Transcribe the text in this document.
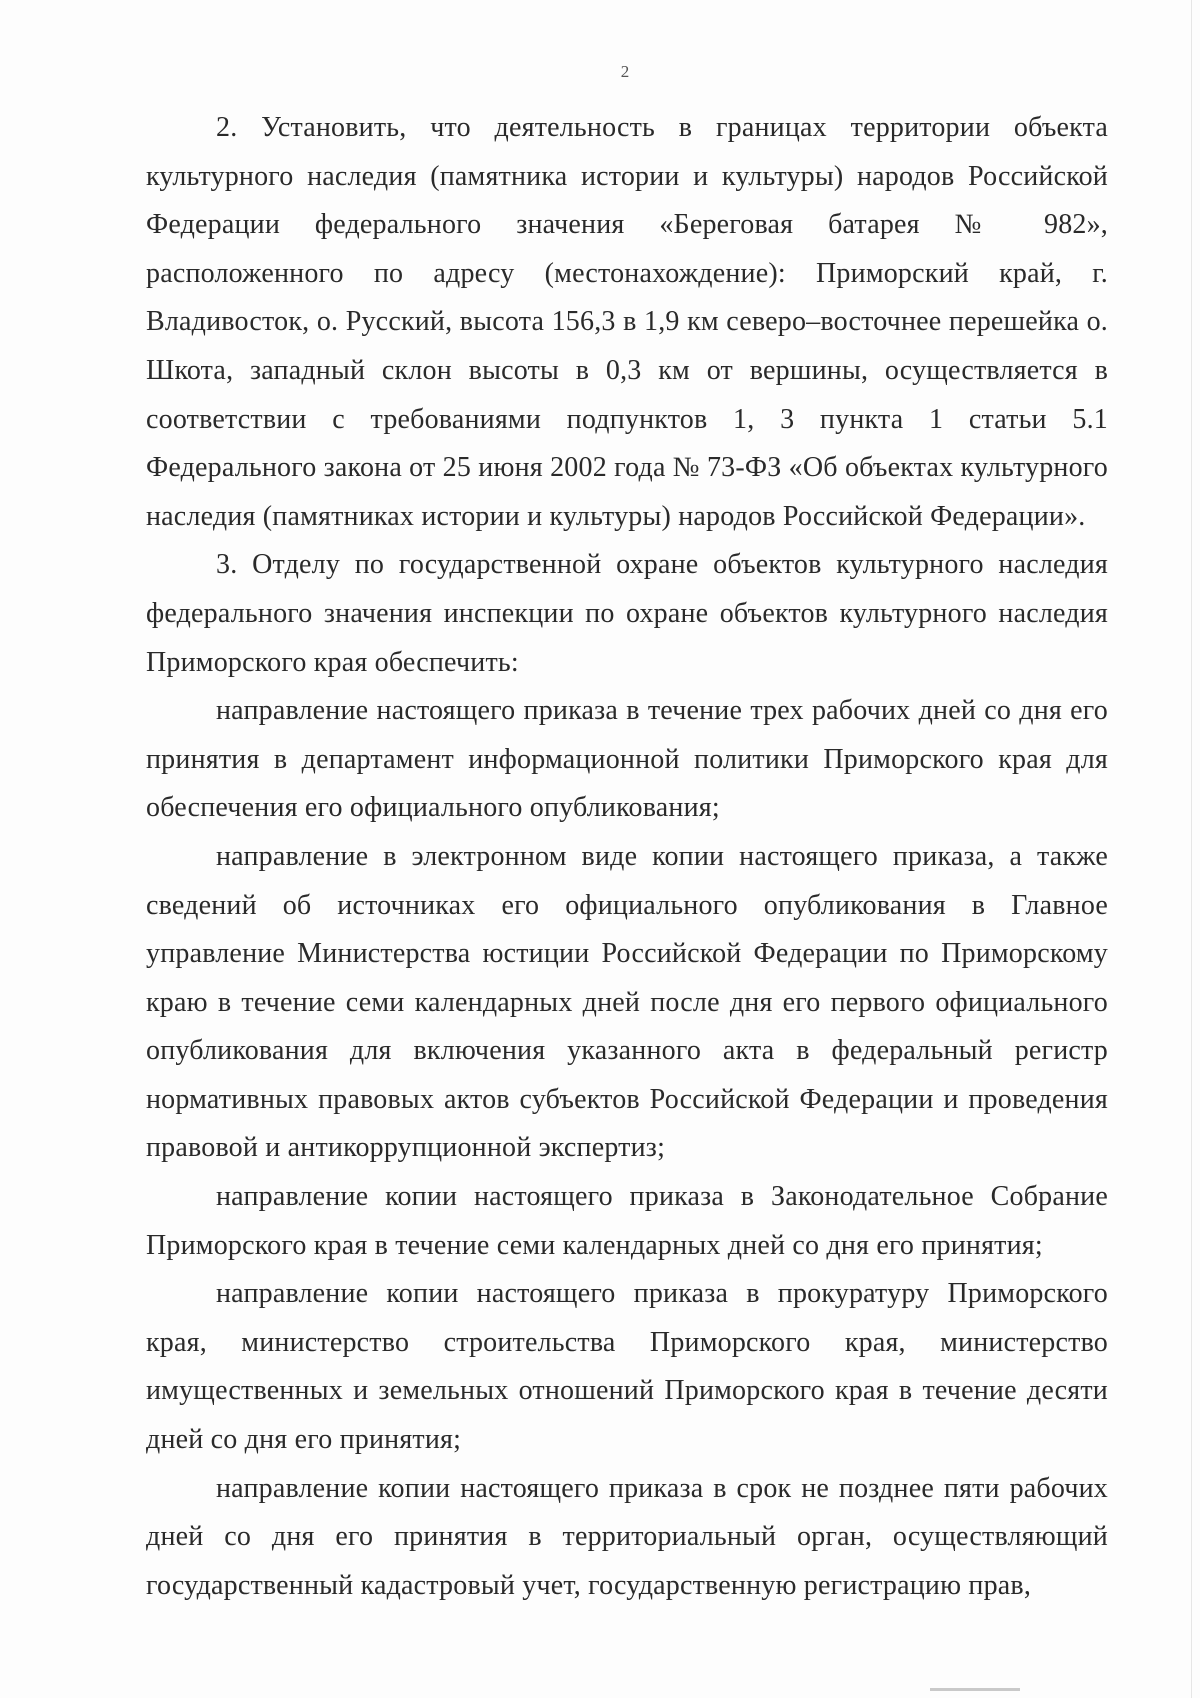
2

2. Установить, что деятельность в границах территории объекта культурного наследия (памятника истории и культуры) народов Российской Федерации федерального значения «Береговая батарея № 982», расположенного по адресу (местонахождение): Приморский край, г. Владивосток, о. Русский, высота 156,3 в 1,9 км северо–восточнее перешейка о. Шкота, западный склон высоты в 0,3 км от вершины, осуществляется в соответствии с требованиями подпунктов 1, 3 пункта 1 статьи 5.1 Федерального закона от 25 июня 2002 года № 73-ФЗ «Об объектах культурного наследия (памятниках истории и культуры) народов Российской Федерации».

3. Отделу по государственной охране объектов культурного наследия федерального значения инспекции по охране объектов культурного наследия Приморского края обеспечить:

направление настоящего приказа в течение трех рабочих дней со дня его принятия в департамент информационной политики Приморского края для обеспечения его официального опубликования;

направление в электронном виде копии настоящего приказа, а также сведений об источниках его официального опубликования в Главное управление Министерства юстиции Российской Федерации по Приморскому краю в течение семи календарных дней после дня его первого официального опубликования для включения указанного акта в федеральный регистр нормативных правовых актов субъектов Российской Федерации и проведения правовой и антикоррупционной экспертиз;

направление копии настоящего приказа в Законодательное Собрание Приморского края в течение семи календарных дней со дня его принятия;

направление копии настоящего приказа в прокуратуру Приморского края, министерство строительства Приморского края, министерство имущественных и земельных отношений Приморского края в течение десяти дней со дня его принятия;

направление копии настоящего приказа в срок не позднее пяти рабочих дней со дня его принятия в территориальный орган, осуществляющий государственный кадастровый учет, государственную регистрацию прав,
